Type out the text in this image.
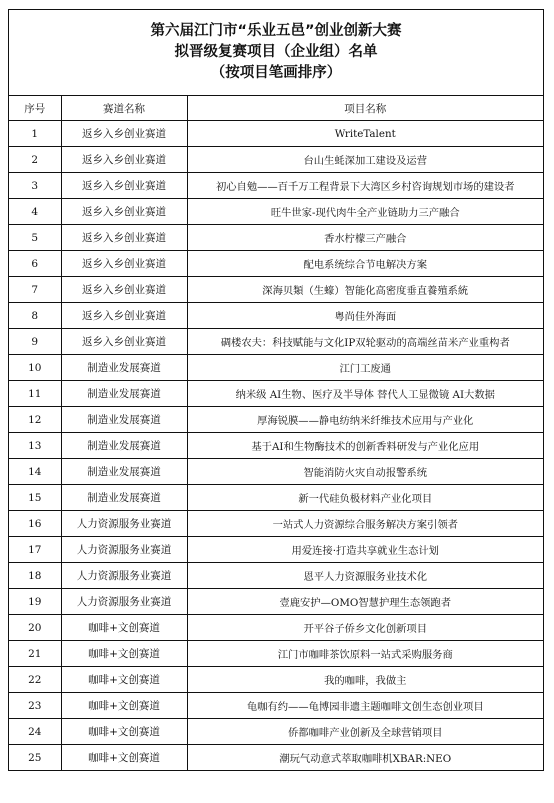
第六届江门市“乐业五邑”创业创新大赛
拟晋级复赛项目（企业组）名单
（按项目笔画排序）
序号	赛道名称	项目名称
1	返乡入乡创业赛道	WriteTalent
2	返乡入乡创业赛道	台山生蚝深加工建设及运营
3	返乡入乡创业赛道	初心自勉——百千万工程背景下大湾区乡村咨询规划市场的建设者
4	返乡入乡创业赛道	旺牛世家-现代肉牛全产业链助力三产融合
5	返乡入乡创业赛道	香水柠檬三产融合
6	返乡入乡创业赛道	配电系统综合节电解决方案
7	返乡入乡创业赛道	深海贝類（生蠔）智能化高密度垂直養殖系統
8	返乡入乡创业赛道	粤尚佳外海面
9	返乡入乡创业赛道	碉楼农夫：科技赋能与文化IP双轮驱动的高端丝苗米产业重构者
10	制造业发展赛道	江门工废通
11	制造业发展赛道	纳米级 AI生物、医疗及半导体 替代人工显微镜 AI大数据
12	制造业发展赛道	厚海锐膜——静电纺纳米纤维技术应用与产业化
13	制造业发展赛道	基于AI和生物酶技术的创新香料研发与产业化应用
14	制造业发展赛道	智能消防火灾自动报警系统
15	制造业发展赛道	新一代硅负极材料产业化项目
16	人力资源服务业赛道	一站式人力资源综合服务解决方案引领者
17	人力资源服务业赛道	用爱连接·打造共享就业生态计划
18	人力资源服务业赛道	恩平人力资源服务业技术化
19	人力资源服务业赛道	壹鹿安护—OMO智慧护理生态领跑者
20	咖啡+文创赛道	开平谷子侨乡文化创新项目
21	咖啡+文创赛道	江门市咖啡茶饮原料一站式采购服务商
22	咖啡+文创赛道	我的咖啡，我做主
23	咖啡+文创赛道	龟咖有约——龟博园非遗主题咖啡文创生态创业项目
24	咖啡+文创赛道	侨都咖啡产业创新及全球营销项目
25	咖啡+文创赛道	潮玩气动意式萃取咖啡机XBAR:NEO
